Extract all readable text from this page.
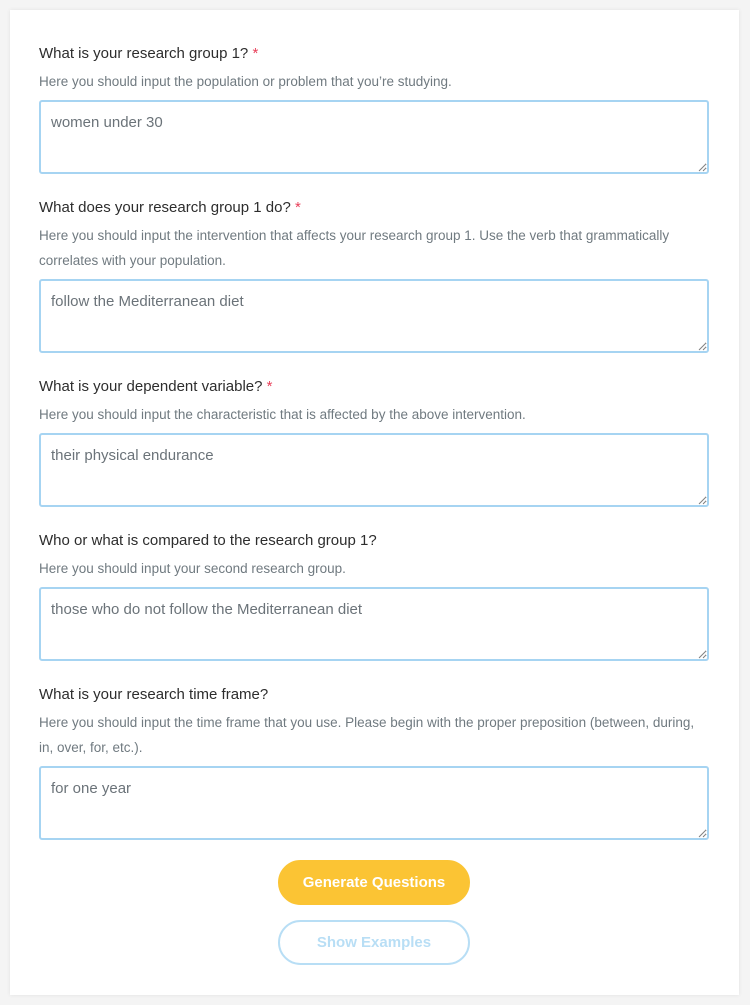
What is your research group 1? *

Here you should input the population or problem that you’re studying.
women under 30

What does your research group 1 do? *

Here you should input the intervention that affects your research group 1. Use the verb that grammatically correlates with your population.
follow the Mediterranean diet

What is your dependent variable? *

Here you should input the characteristic that is affected by the above intervention.
their physical endurance

Who or what is compared to the research group 1?

Here you should input your second research group.
those who do not follow the Mediterranean diet

What is your research time frame?

Here you should input the time frame that you use. Please begin with the proper preposition (between, during, in, over, for, etc.).
for one year
Generate Questions
Show Examples
